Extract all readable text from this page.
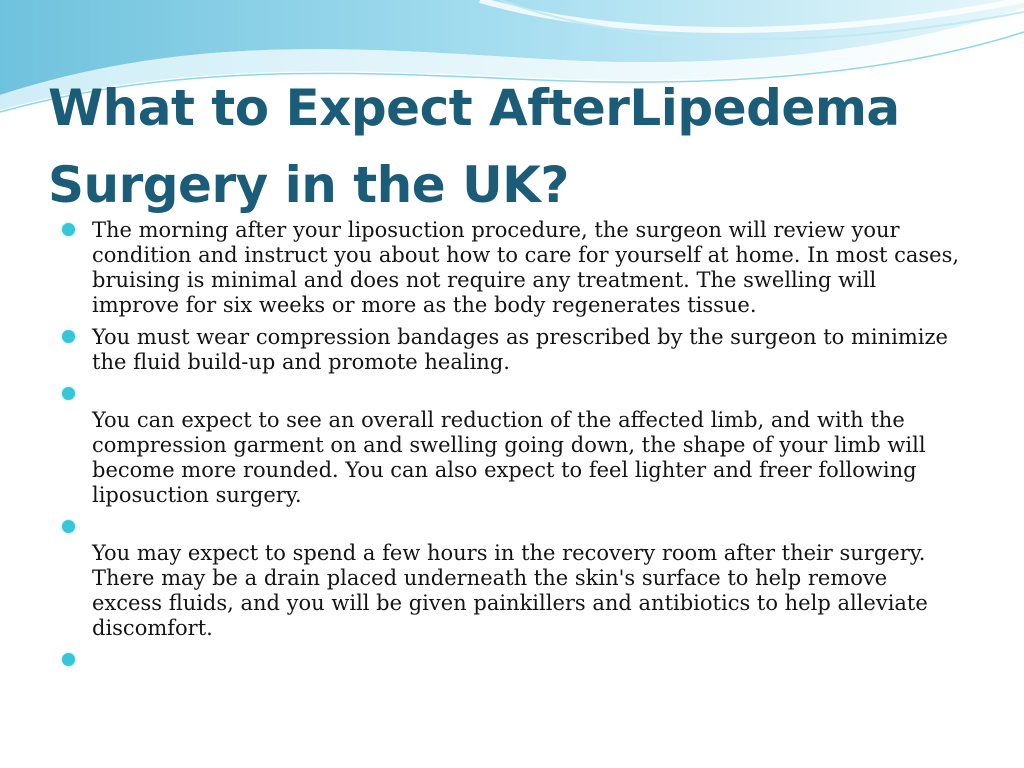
What to Expect AfterLipedema Surgery in the UK?
The morning after your liposuction procedure, the surgeon will review your condition and instruct you about how to care for yourself at home. In most cases, bruising is minimal and does not require any treatment. The swelling will improve for six weeks or more as the body regenerates tissue.
You must wear compression bandages as prescribed by the surgeon to minimize the fluid build-up and promote healing.
You can expect to see an overall reduction of the affected limb, and with the compression garment on and swelling going down, the shape of your limb will become more rounded. You can also expect to feel lighter and freer following liposuction surgery.
You may expect to spend a few hours in the recovery room after their surgery. There may be a drain placed underneath the skin's surface to help remove excess fluids, and you will be given painkillers and antibiotics to help alleviate discomfort.
